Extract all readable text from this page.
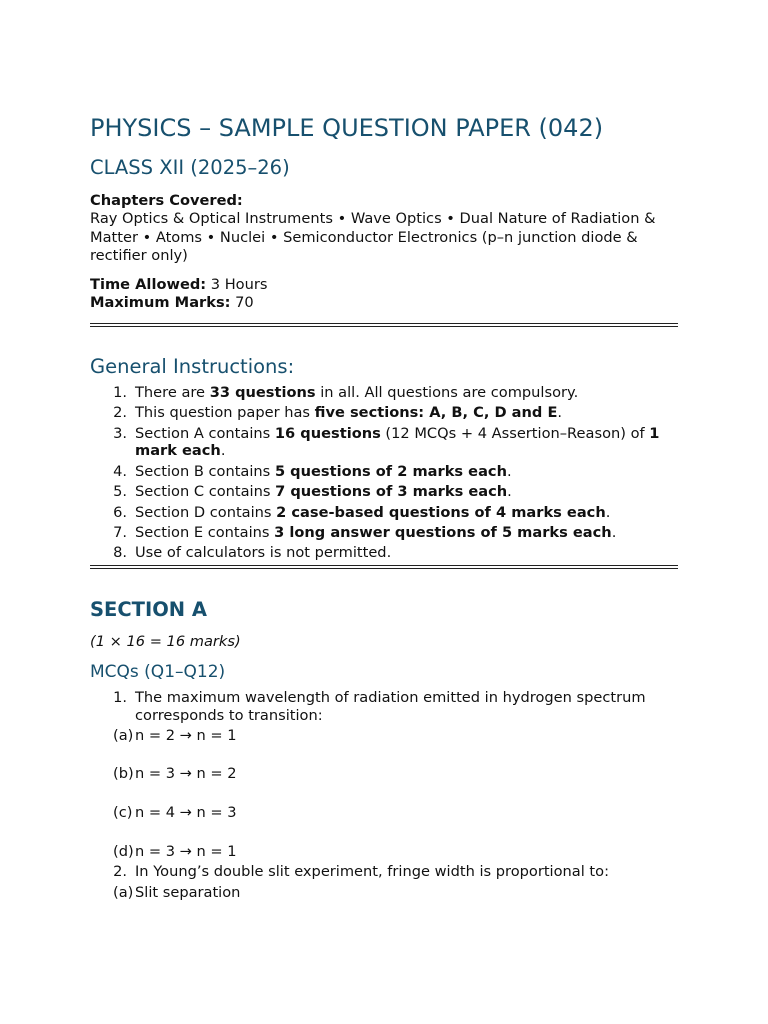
PHYSICS – SAMPLE QUESTION PAPER (042)
CLASS XII (2025–26)
Chapters Covered:
Ray Optics & Optical Instruments • Wave Optics • Dual Nature of Radiation & Matter • Atoms • Nuclei • Semiconductor Electronics (p–n junction diode & rectifier only)
Time Allowed: 3 Hours
Maximum Marks: 70
General Instructions:
1. There are 33 questions in all. All questions are compulsory.
2. This question paper has five sections: A, B, C, D and E.
3. Section A contains 16 questions (12 MCQs + 4 Assertion–Reason) of 1 mark each.
4. Section B contains 5 questions of 2 marks each.
5. Section C contains 7 questions of 3 marks each.
6. Section D contains 2 case-based questions of 4 marks each.
7. Section E contains 3 long answer questions of 5 marks each.
8. Use of calculators is not permitted.
SECTION A
(1 × 16 = 16 marks)
MCQs (Q1–Q12)
1. The maximum wavelength of radiation emitted in hydrogen spectrum corresponds to transition:
(a) n = 2 → n = 1
(b)n = 3 → n = 2
(c) n = 4 → n = 3
(d)n = 3 → n = 1
2. In Young’s double slit experiment, fringe width is proportional to:
(a) Slit separation
